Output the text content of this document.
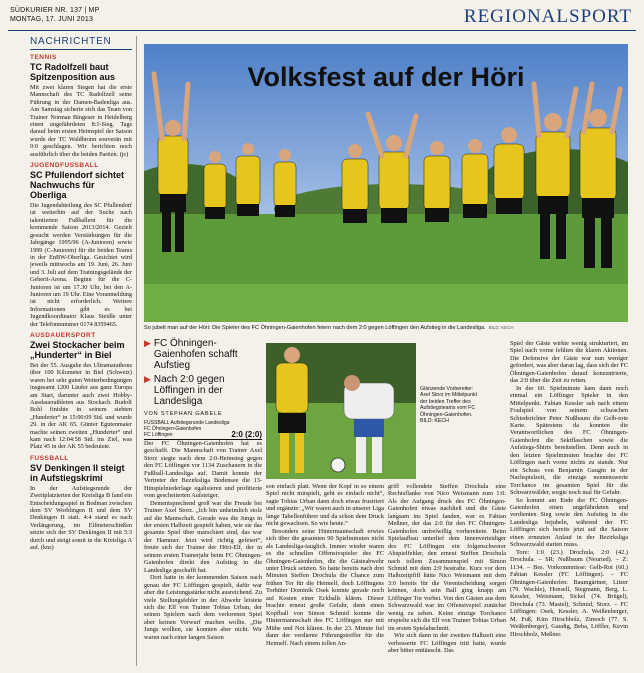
SÜDKURIER NR. 137 | MP
MONTAG, 17. JUNI 2013	REGIONALSPORT
NACHRICHTEN
TENNIS
TC Radolfzell baut Spitzenposition aus
Mit zwei klaren Siegen hat die erste Mannschaft des TC Radolfzell seine Führung in der Damen-Badenliga aus. Am Samstag sicherte sich das Team von Trainer Norman Bingeser in Heidelberg einen ungefährdeten 8:1-Sieg. Tags darauf beim ersten Heimspiel der Saison wurde der TC Waldbronn souverän mit 9:0 geschlagen. Wir berichten noch ausführlich über die beiden Partien. (jc)
JUGENDFUSSBALL
SC Pfullendorf sichtet Nachwuchs für Oberliga
Die Jugendabteilung des SC Pfullendorf ist weiterhin auf der Suche nach talentierten Fußballern für die kommende Saison 2013/2014. Gezielt gesucht werden Verstärkungen für die Jahrgänge 1995/96 (A-Junioren) sowie 1999 (C-Junioren) für die beiden Teams in der EnBW-Oberliga. Gesichtet wird jeweils mittwochs am 19. Juni, 26. Juni und 3. Juli auf dem Trainingsgelände der Geberit-Arena. Beginn für die C-Junioren ist um 17.30 Uhr, bei den A-Junioren um 19 Uhr. Eine Voranmeldung ist nicht erforderlich. Weitere Informationen gibt es bei Jugendkoordinator Klaus Steidle unter der Telefonnummer 0174 8359465.
AUSDAUERSPORT
Zwei Stockacher beim „Hunderter“ in Biel
Bei der 55. Ausgabe des Ultramarathons über 100 Kilometer in Biel (Schweiz) waren bei sehr guten Wetterbedingungen insgesamt 1200 Läufer aus ganz Europa am Start, darunter auch zwei Hobby-Ausdauerathleten aus Stockach. Rudolf Bohl finishte in seinem siebten „Hunderter“ in 15:00:09 Std. und wurde 29. in der AK 65. Günter Egutenmaier machte seinen zweiten „Hunderter“ und kam nach 12:04:58 Std. ins Ziel, was Platz 45 in der AK 55 bedeutete.
FUSSBALL
SV Denkingen II steigt in Aufstiegskrimi
In der Aufstiegsrunde der Zweitplatzierten der Kreisliga B fand ein Entscheidungsspiel in Bodman zwischen dem SV Worblingen II und dem SV Denkingen II statt. 4:4 stand es nach Verlängerung, im Elfmeterschießen setzte sich der SV Denkingen II mit 5:3 durch und steigt somit in die Kreisliga A auf. (kns)
Volksfest auf der Höri
So jubelt man auf der Höri: Die Spieler des FC Öhningen-Gaienhofen feiern nach dem 2:0 gegen Löffingen den Aufstieg in die Landesliga. BILD: KECH
▶ FC Öhningen-Gaienhofen schafft Aufstieg
▶ Nach 2:0 gegen Löffingen in der Landesliga
VON STEPHAN GABELE
Glänzende Vorbereiter: Axel Storz im Mittelpunkt der beiden Treffer des Aufstiegsteams vom FC Öhningen-Gaienhofen. BILD: KECH
FUSSBALL Aufstiegsrunde Landesliga
FC Öhningen-Gaienhofen
FC Löffingen	2:0 (2:0)

Der FC Öhningen-Gaienhofen hat es geschafft. Die Mannschaft von Trainer Axel Storz siegte nach dem 2:0-Heimsieg gegen den FC Löffingen vor 1134 Zuschauern in die Fußball-Landesliga auf. Damit konnte der Vertreter der Bezirksliga Bodensee die 13-Hinspielniederlage egalisieren und profitierte vom gescheiterten Aufsteiger.

Dementsprechend groß war die Freude bei Trainer Axel Storz. „Ich bin unheimlich stolz auf die Mannschaft. Gerade was die Jungs in der ersten Halbzeit gespielt haben, wie sie das gesamte Spiel über marschiert sind, das war der Hammer. Jetzt wird richtig gefeiert“, freute sich der Trainer der Höri-Elf, der in seinem ersten Trainerjahr beim FC Öhningen-Gaienhofen direkt den Aufstieg in die Landesliga geschafft hat.

Dort hatte in der kommenden Saison nach genau der FC Löffingen gespielt, dafür war aber die Leistungsstärke nicht ausreichend. Zu viele Stellungsfehler in der Abwehr leistete sich die Elf von Trainer Tobias Urban, der seinen Spielern nach dem verlorenen Spiel aber keinen Vorwurf machen wollte. „Die Jungs wollten, sie konnten aber nicht. Wir waren nach einer langen Saison

son einfach platt. Wenn der Kopf in so einem Spiel nicht mitspielt, geht es einfach nicht“, sagte Tobias Urban dann doch etwas frustriert und ergänzte: „Wir waren auch in unserer Liga lange Tabellenführer und da schon dem Druck nicht gewachsen. So wie heute.“

Besonders seine Hintermannschaft erwies sich über die gesamten 90 Spielminuten nicht als Landesliga-tauglich. Immer wieder waren es die schnellen Offensivspieler des FC Öhningen-Gaienhofen, die die Gästeabwehr unter Druck setzten. So hatte bereits nach drei Minuten Steffen Drochula die Chance zum frühen Tor für die Heimelf, doch Löffingens Torhüter Dominik Osek konnte gerade noch auf Kosten einer Eckballs klären. Dieser brachte erneut große Gefahr, denn einen Kopfball von Simon Schmid konnte die Hintermannschaft des FC Löffingen nur mit Mühe und Not klären. In der 23. Minute fiel dann der verdiente Führungstreffer für die Heimelf. Nach einem tollen An-

griff vollendete Steffen Drochula eine Rechtsflanke von Nico Weismann zum 1:0. Als der Aufgang druck des FC Öhningen-Gaienhofen etwas nachließ und die Gäste langsam ins Spiel fanden, war es Fabian Meßner, der das 2:0 für den FC Öhningen-Gaienhofen unfreiwillig vorbereitete. Beim Spielaufbau unterlief dem Innenverteidiger des FC Löffingen ein folgenschwerer Abspielfehler, den erneut Steffen Drochula nach tollem Zusammenspiel mit Simon Schmid mit dem 2:0 bestrafte. Kurz vor dem Halbzeitpfiff hätte Nico Weismann mit dem 3:0 bereits für die Vorentscheidung sorgen können, doch sein Ball ging knapp am Löffinger Tor vorbei. Von den Gästen aus dem Schwarzwald war im Offensivspiel zunächst wenig zu sehen. Keine einzige Torchance erspielte sich die Elf von Trainer Tobias Urban im ersten Spielabschnitt.

Wie sich dann in der zweiten Halbzeit eine verbesserte FC Löffingen tritt hatte, wurde aber bitter enttäuscht. Das

Spiel der Gäste wirkte wenig strukturiert, im Spiel nach vorne fehlten die klaren Aktionen. Die Defensive der Gäste war nun weniger gefordert, was aber daran lag, dass sich der FC Öhningen-Gaienhofen darauf konzentrierte, das 2:0 über die Zeit zu retten.

In der 60. Spielminute kam dann noch einmal ein Löffinger Spieler in den Mittelpunkt. Fabian Kessler sah nach einem Foulspiel von seinem schwachen Schiedsrichter Peter Nußbaum die Gelb-rote Karte. Spätestens da konnten die Verantwortlichen des FC Öhningen-Gaienhofen die Sektflaschen sowie die Aufstiegs-Shirts bereitstellen. Denn auch in den letzten Spielminuten brachte der FC Löffingen nach vorne nichts zu stande. Nur ein Schuss von Benjamin Gaugin in der Nachspielzeit, die einzige nennenswerte Torchance im gesamten Spiel für die Schwarzwälder, sorgte noch mal für Gefahr.

So kommt am Ende der FC Öhningen-Gaienhofen einen ungefährdeten und verdienten Sieg sowie den Aufstieg in die Landesliga bejubeln, während der FC Löffingen sich bereits jetzt auf die Saison einen erneuten Anlauf in der Bezirksliga Schwarzwald starten muss.

Tore: 1:0 (23.) Drochula, 2:0 (42.) Drochula. – SR: Nußbaum (Neuried). – Z: 1134. – Bes. Vorkommnisse: Gelb-Rot (60.) Fabian Kessler (FC Löffingen). – FC Öhningen-Gaienhofen: Baumgärtner, Litzer (79. Wachle), Honsell, Stegmann, Berg, L. Kessler, Weismann, Sickel (74. Brügel), Drochula (73. Mastel), Schmid, Storz. – FC Löffingen: Osek, Kessler, A. Weißenberger, M. Fuß, Kim Hirschbolz, Zimoch (77. S. Weißenberger), Gaudig, Beha, Löffler, Kevin Hirschbolz, Meßner.
